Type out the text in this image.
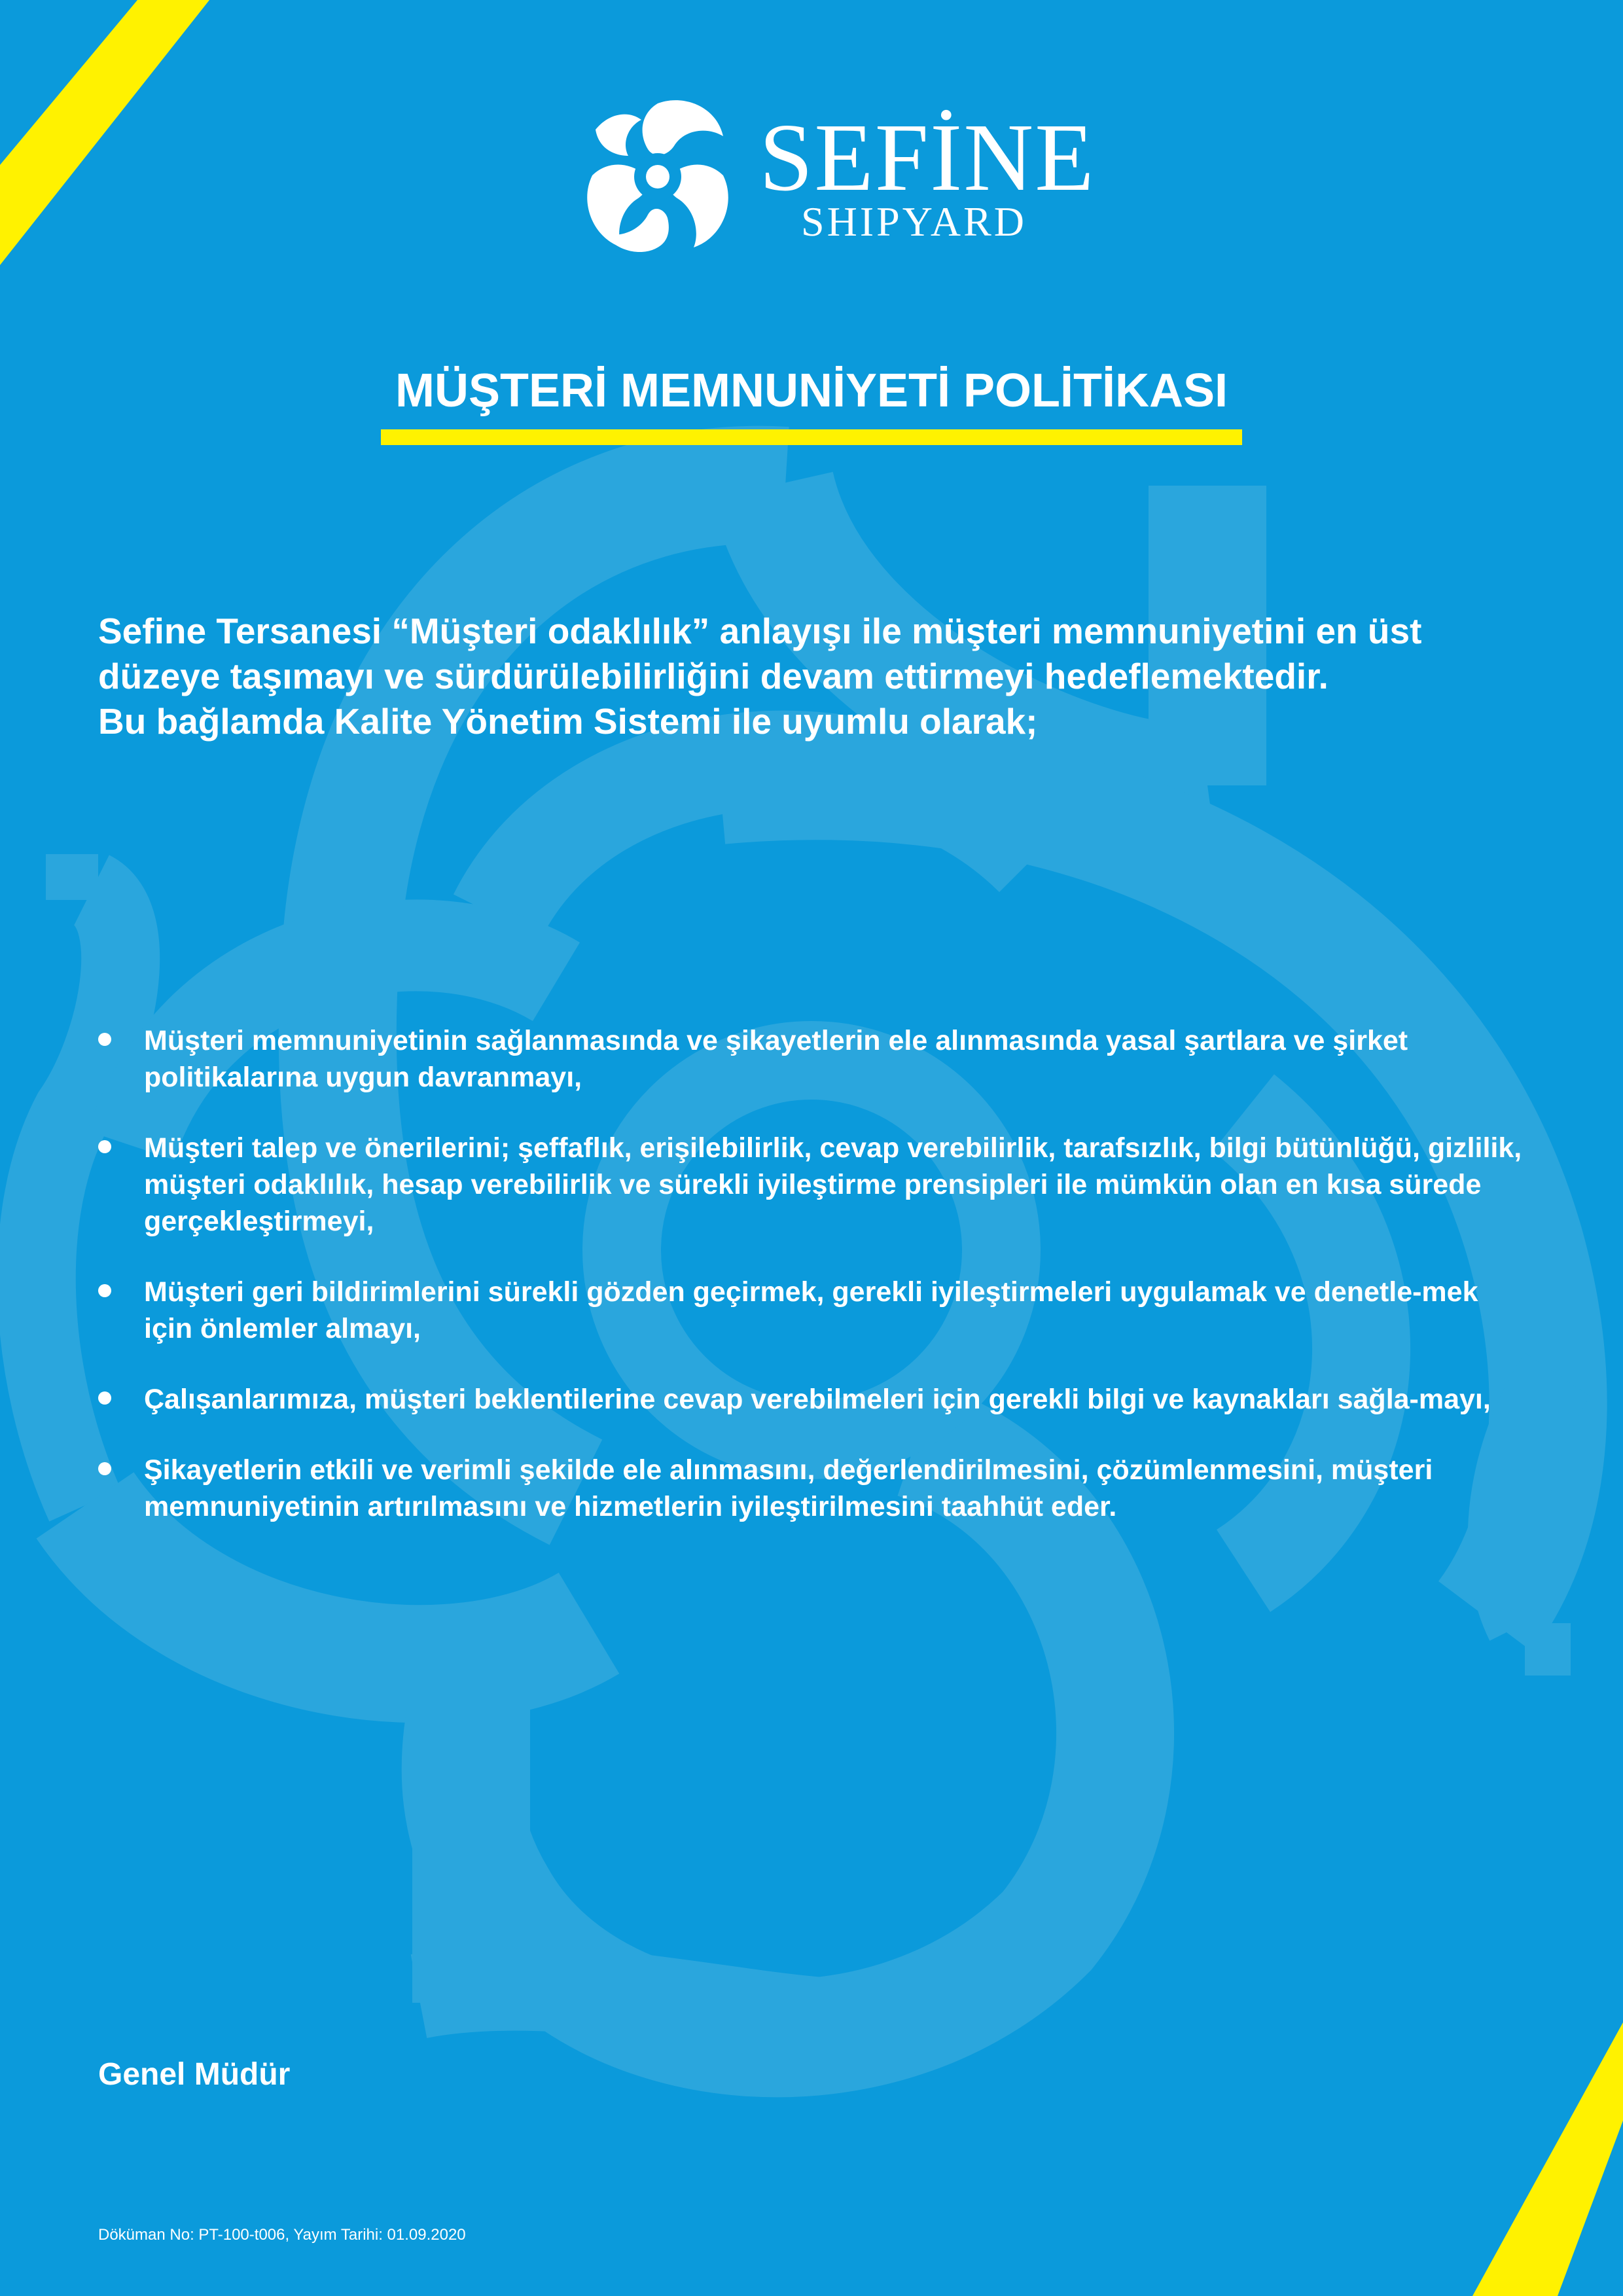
SEFİNE
SHIPYARD
MÜŞTERİ MEMNUNİYETİ POLİTİKASI

Sefine Tersanesi “Müşteri odaklılık” anlayışı ile müşteri memnuniyetini en üst düzeye taşımayı ve sürdürülebilirliğini devam ettirmeyi hedeflemektedir.

Bu bağlamda Kalite Yönetim Sistemi ile uyumlu olarak;

Müşteri memnuniyetinin sağlanmasında ve şikayetlerin ele alınmasında yasal şartlara ve şirket politikalarına uygun davranmayı,
Müşteri talep ve önerilerini; şeffaflık, erişilebilirlik, cevap verebilirlik, tarafsızlık, bilgi bütünlüğü, gizlilik, müşteri odaklılık, hesap verebilirlik ve sürekli iyileştirme prensipleri ile mümkün olan en kısa sürede gerçekleştirmeyi,
Müşteri geri bildirimlerini sürekli gözden geçirmek, gerekli iyileştirmeleri uygulamak ve denetle-mek için önlemler almayı,
Çalışanlarımıza, müşteri beklentilerine cevap verebilmeleri için gerekli bilgi ve kaynakları sağla-mayı,
Şikayetlerin etkili ve verimli şekilde ele alınmasını, değerlendirilmesini, çözümlenmesini, müşteri memnuniyetinin artırılmasını ve hizmetlerin iyileştirilmesini taahhüt eder.
Genel Müdür
Döküman No: PT-100-t006, Yayım Tarihi: 01.09.2020
